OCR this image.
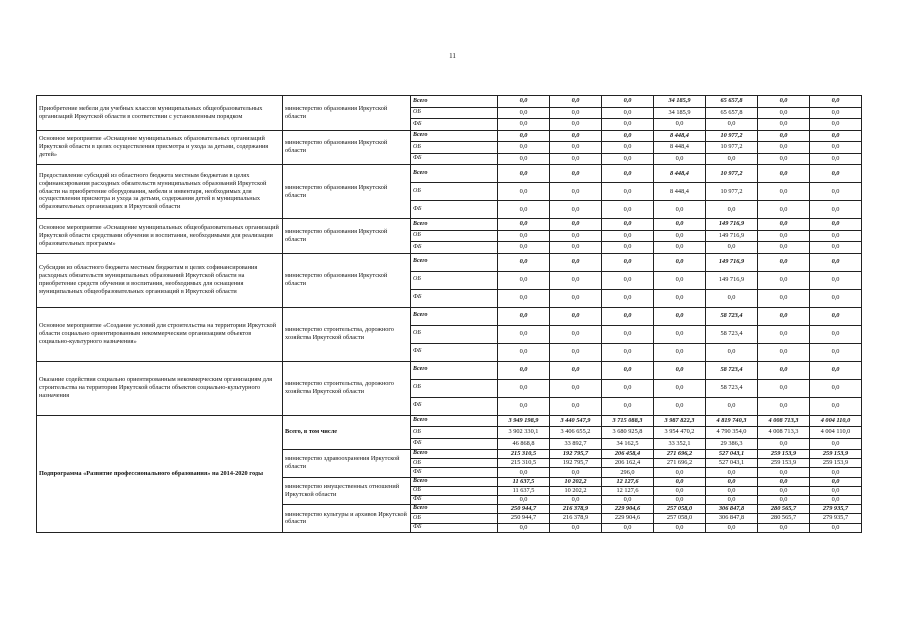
11
Приобретение мебели для учебных классов муниципальных общеобразовательных организаций Иркутской области в соответствии с установленным порядком	министерство образования Иркутской области	Всего	0,0	0,0	0,0	34 185,9	65 657,8	0,0	0,0
		ОБ	0,0	0,0	0,0	34 185,9	65 657,8	0,0	0,0
		ФБ	0,0	0,0	0,0	0,0	0,0	0,0	0,0
Основное мероприятие «Оснащение муниципальных образовательных организаций Иркутской области в целях осуществления присмотра и ухода за детьми, содержания детей»	министерство образования Иркутской области	Всего	0,0	0,0	0,0	8 448,4	10 977,2	0,0	0,0
		ОБ	0,0	0,0	0,0	8 448,4	10 977,2	0,0	0,0
		ФБ	0,0	0,0	0,0	0,0	0,0	0,0	0,0
Предоставление субсидий из областного бюджета местным бюджетам в целях софинансирования расходных обязательств муниципальных образований Иркутской области на приобретение оборудования, мебели и инвентаря, необходимых для осуществления присмотра и ухода за детьми, содержания детей в муниципальных образовательных организациях в Иркутской области	министерство образования Иркутской области	Всего	0,0	0,0	0,0	8 448,4	10 977,2	0,0	0,0
		ОБ	0,0	0,0	0,0	8 448,4	10 977,2	0,0	0,0
		ФБ	0,0	0,0	0,0	0,0	0,0	0,0	0,0
Основное мероприятие «Оснащение муниципальных общеобразовательных организаций Иркутской области средствами обучения и воспитания, необходимыми для реализации образовательных программ»	министерство образования Иркутской области	Всего	0,0	0,0	0,0	0,0	149 716,9	0,0	0,0
		ОБ	0,0	0,0	0,0	0,0	149 716,9	0,0	0,0
		ФБ	0,0	0,0	0,0	0,0	0,0	0,0	0,0
Субсидия из областного бюджета местным бюджетам в целях софинансирования расходных обязательств муниципальных образований Иркутской области на приобретение средств обучения и воспитания, необходимых для оснащения муниципальных общеобразовательных организаций в Иркутской области	министерство образования Иркутской области	Всего	0,0	0,0	0,0	0,0	149 716,9	0,0	0,0
		ОБ	0,0	0,0	0,0	0,0	149 716,9	0,0	0,0
		ФБ	0,0	0,0	0,0	0,0	0,0	0,0	0,0
Основное мероприятие «Создание условий для строительства на территории Иркутской области социально ориентированным некоммерческим организациям объектов социально-культурного назначения»	министерство строительства, дорожного хозяйства Иркутской области	Всего	0,0	0,0	0,0	0,0	58 723,4	0,0	0,0
		ОБ	0,0	0,0	0,0	0,0	58 723,4	0,0	0,0
		ФБ	0,0	0,0	0,0	0,0	0,0	0,0	0,0
Оказание содействия социально ориентированным некоммерческим организациям для строительства на территории Иркутской области объектов социально-культурного назначения	министерство строительства, дорожного хозяйства Иркутской области	Всего	0,0	0,0	0,0	0,0	58 723,4	0,0	0,0
		ОБ	0,0	0,0	0,0	0,0	58 723,4	0,0	0,0
		ФБ	0,0	0,0	0,0	0,0	0,0	0,0	0,0
Подпрограмма «Развитие профессионального образования» на 2014-2020 годы	Всего, в том числе	Всего	3 949 198,9	3 440 547,9	3 715 088,3	3 987 822,3	4 819 740,3	4 008 713,3	4 004 110,0
		ОБ	3 902 330,1	3 406 655,2	3 680 925,8	3 954 470,2	4 790 354,0	4 008 713,3	4 004 110,0
		ФБ	46 868,8	33 892,7	34 162,5	33 352,1	29 386,3	0,0	0,0
	министерство здравоохранения Иркутской области	Всего	215 310,5	192 795,7	206 458,4	271 696,2	527 043,1	259 153,9	259 153,9
		ОБ	215 310,5	192 795,7	206 162,4	271 696,2	527 043,1	259 153,9	259 153,9
		ФБ	0,0	0,0	296,0	0,0	0,0	0,0	0,0
	министерство имущественных отношений Иркутской области	Всего	11 637,5	10 202,2	12 127,6	0,0	0,0	0,0	0,0
		ОБ	11 637,5	10 202,2	12 127,6	0,0	0,0	0,0	0,0
		ФБ	0,0	0,0	0,0	0,0	0,0	0,0	0,0
	министерство культуры и архивов Иркутской области	Всего	250 944,7	216 378,9	229 904,6	257 058,0	306 847,8	280 565,7	279 935,7
		ОБ	250 944,7	216 378,9	229 904,6	257 058,0	306 847,8	280 565,7	279 935,7
		ФБ	0,0	0,0	0,0	0,0	0,0	0,0	0,0
